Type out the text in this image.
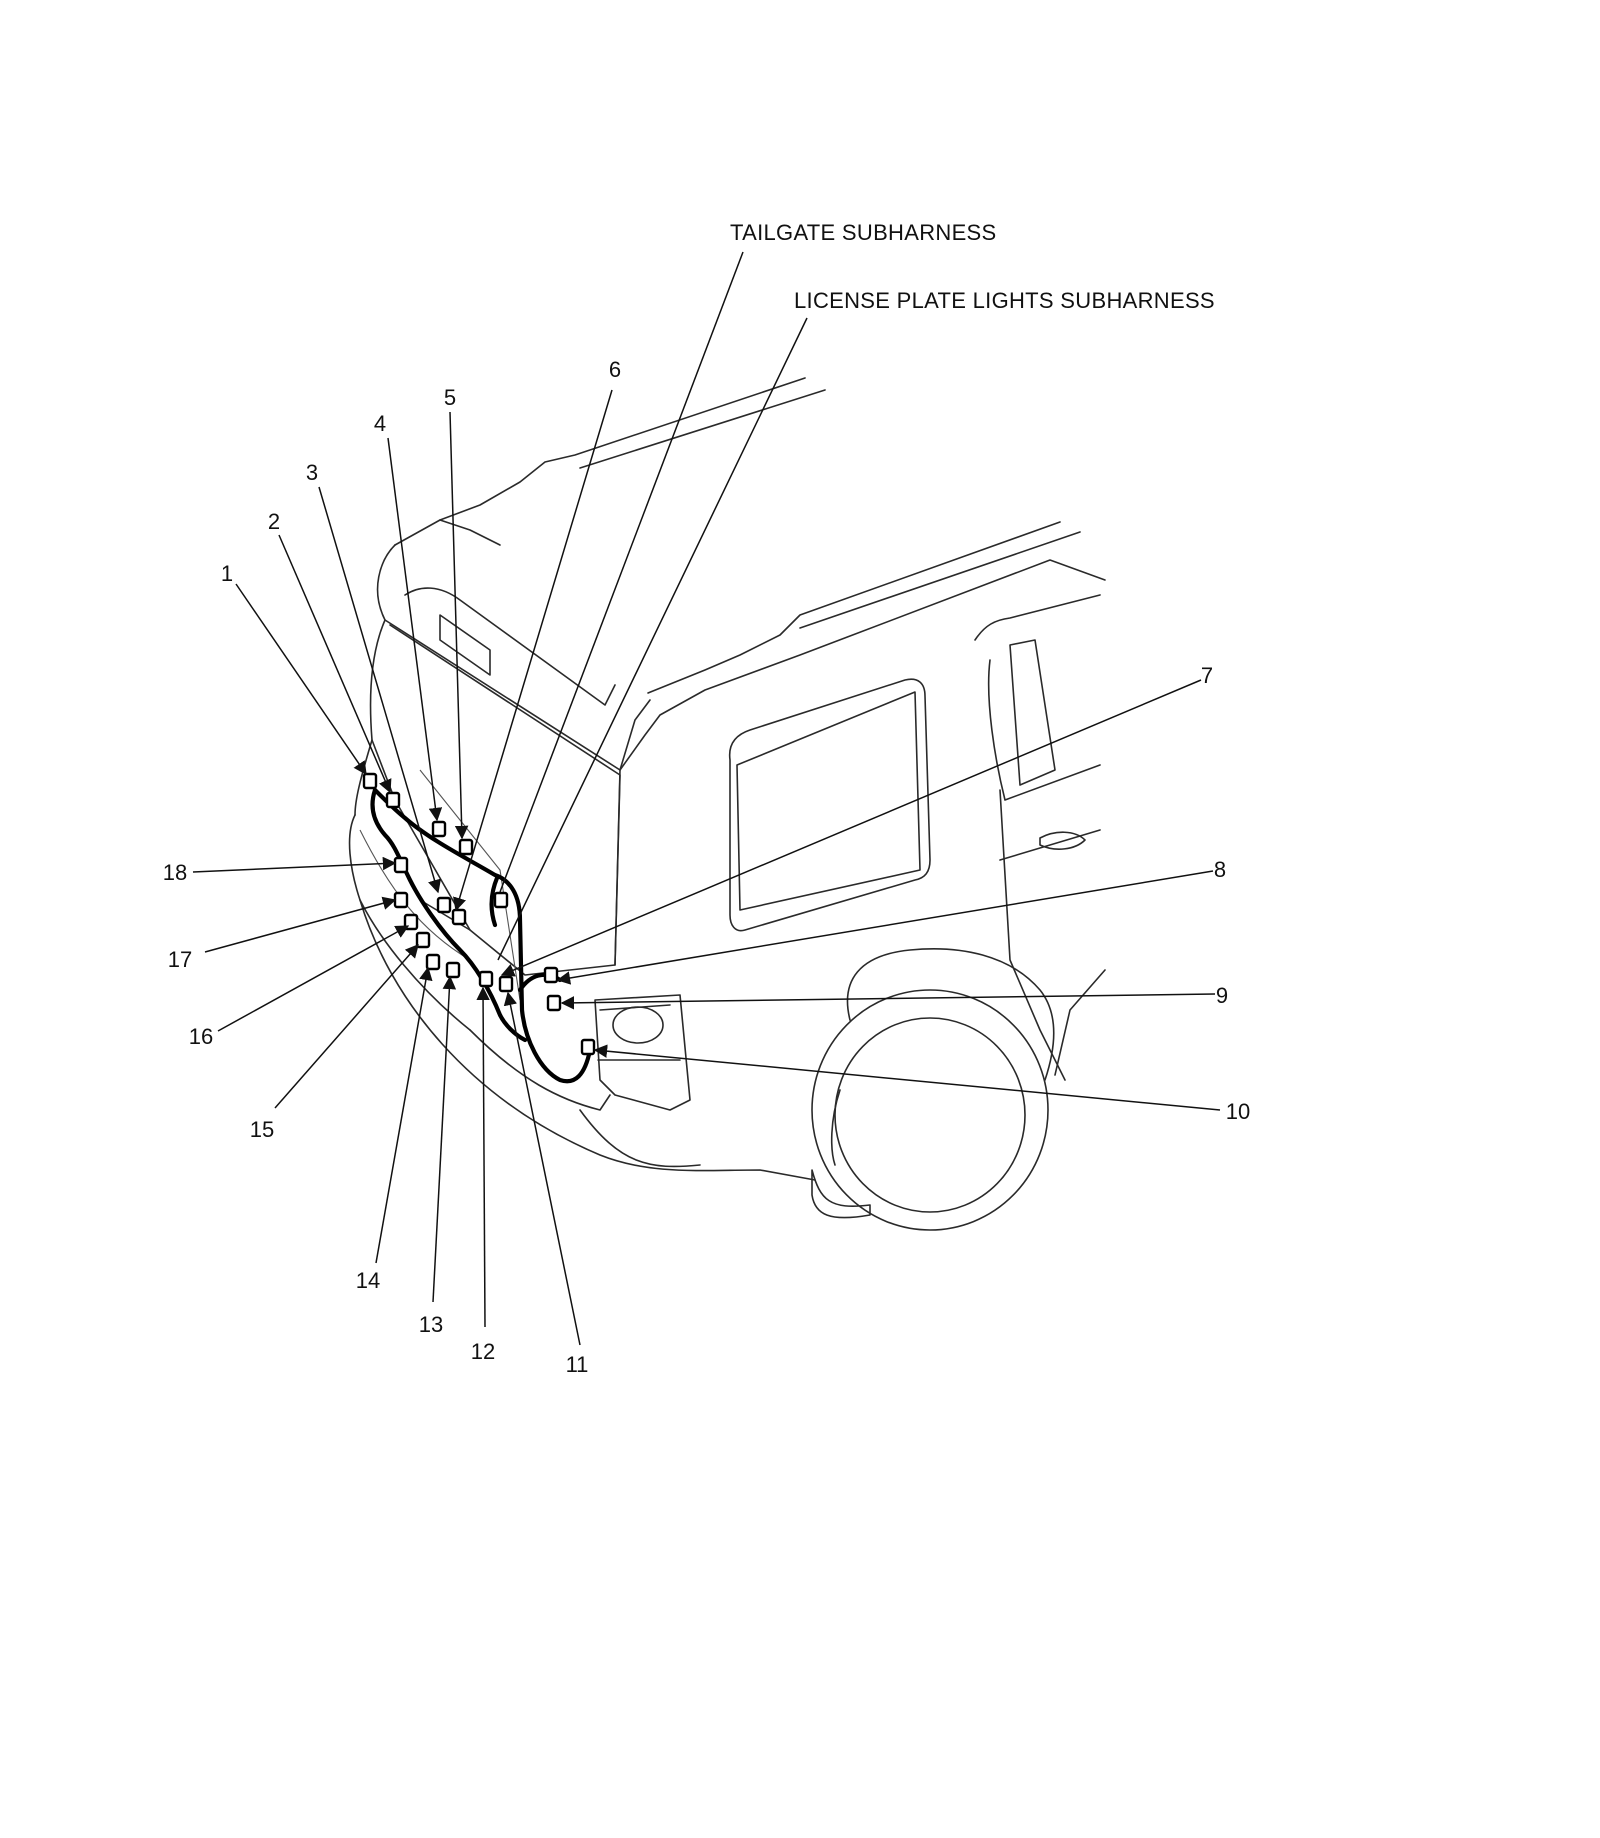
TAILGATE SUBHARNESS
LICENSE PLATE LIGHTS SUBHARNESS
1
2
3
4
5
6
7
8
9
10
11
12
13
14
15
16
17
18
